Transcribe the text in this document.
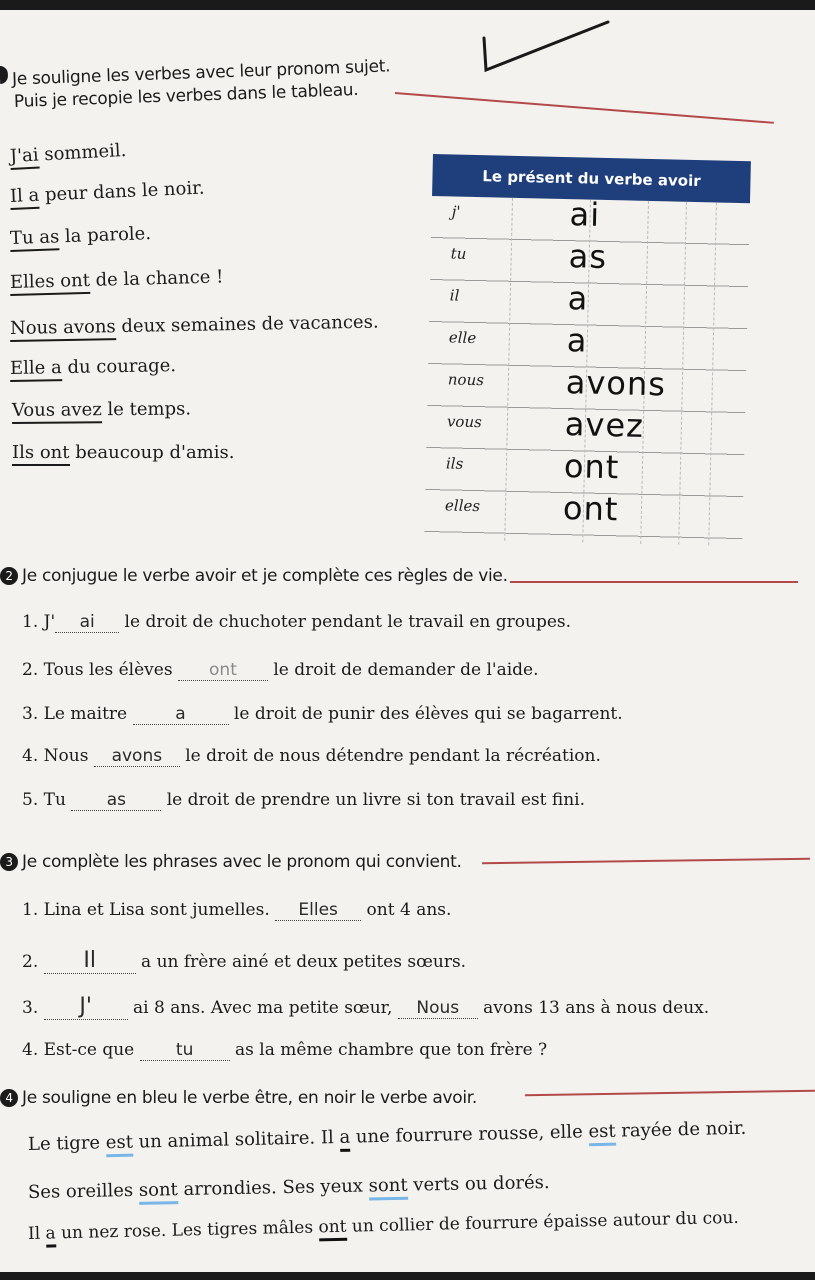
Je souligne les verbes avec leur pronom sujet.
Puis je recopie les verbes dans le tableau.
J'ai sommeil.
Il a peur dans le noir.
Tu as la parole.
Elles ont de la chance !
Nous avons deux semaines de vacances.
Elle a du courage.
Vous avez le temps.
Ils ont beaucoup d'amis.
Le présent du verbe avoir
j'	ai
tu	as
il	a
elle	a
nous	avons
vous	avez
ils	ont
elles	ont
2 Je conjugue le verbe avoir et je complète ces règles de vie.
1. J' ai le droit de chuchoter pendant le travail en groupes.
2. Tous les élèves ont le droit de demander de l'aide.
3. Le maitre	a	le droit de punir des élèves qui se bagarrent.
4. Nous avons le droit de nous détendre pendant la récréation.
5. Tu as le droit de prendre un livre si ton travail est fini.
3 Je complète les phrases avec le pronom qui convient.
1. Lina et Lisa sont jumelles. Elles ont 4 ans.
2. Il a un frère ainé et deux petites sœurs.
3. J' ai 8 ans. Avec ma petite sœur, Nous avons 13 ans à nous deux.
4. Est-ce que tu as la même chambre que ton frère ?
4 Je souligne en bleu le verbe être, en noir le verbe avoir.
Le tigre est un animal solitaire. Il a une fourrure rousse, elle est rayée de noir.
Ses oreilles sont arrondies. Ses yeux sont verts ou dorés.
Il a un nez rose. Les tigres mâles ont un collier de fourrure épaisse autour du cou.
